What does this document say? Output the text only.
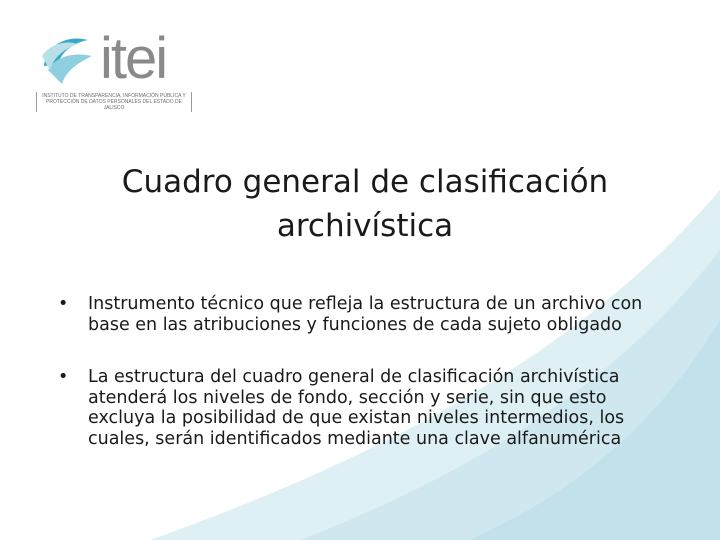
itei
INSTITUTO DE TRANSPARENCIA, INFORMACIÓN PÚBLICA Y PROTECCIÓN DE DATOS PERSONALES DEL ESTADO DE JALISCO
Cuadro general de clasificación
archivística
• Instrumento técnico que refleja la estructura de un archivo con base en las atribuciones y funciones de cada sujeto obligado
• La estructura del cuadro general de clasificación archivística atenderá los niveles de fondo, sección y serie, sin que esto excluya la posibilidad de que existan niveles intermedios, los cuales, serán identificados mediante una clave alfanumérica
